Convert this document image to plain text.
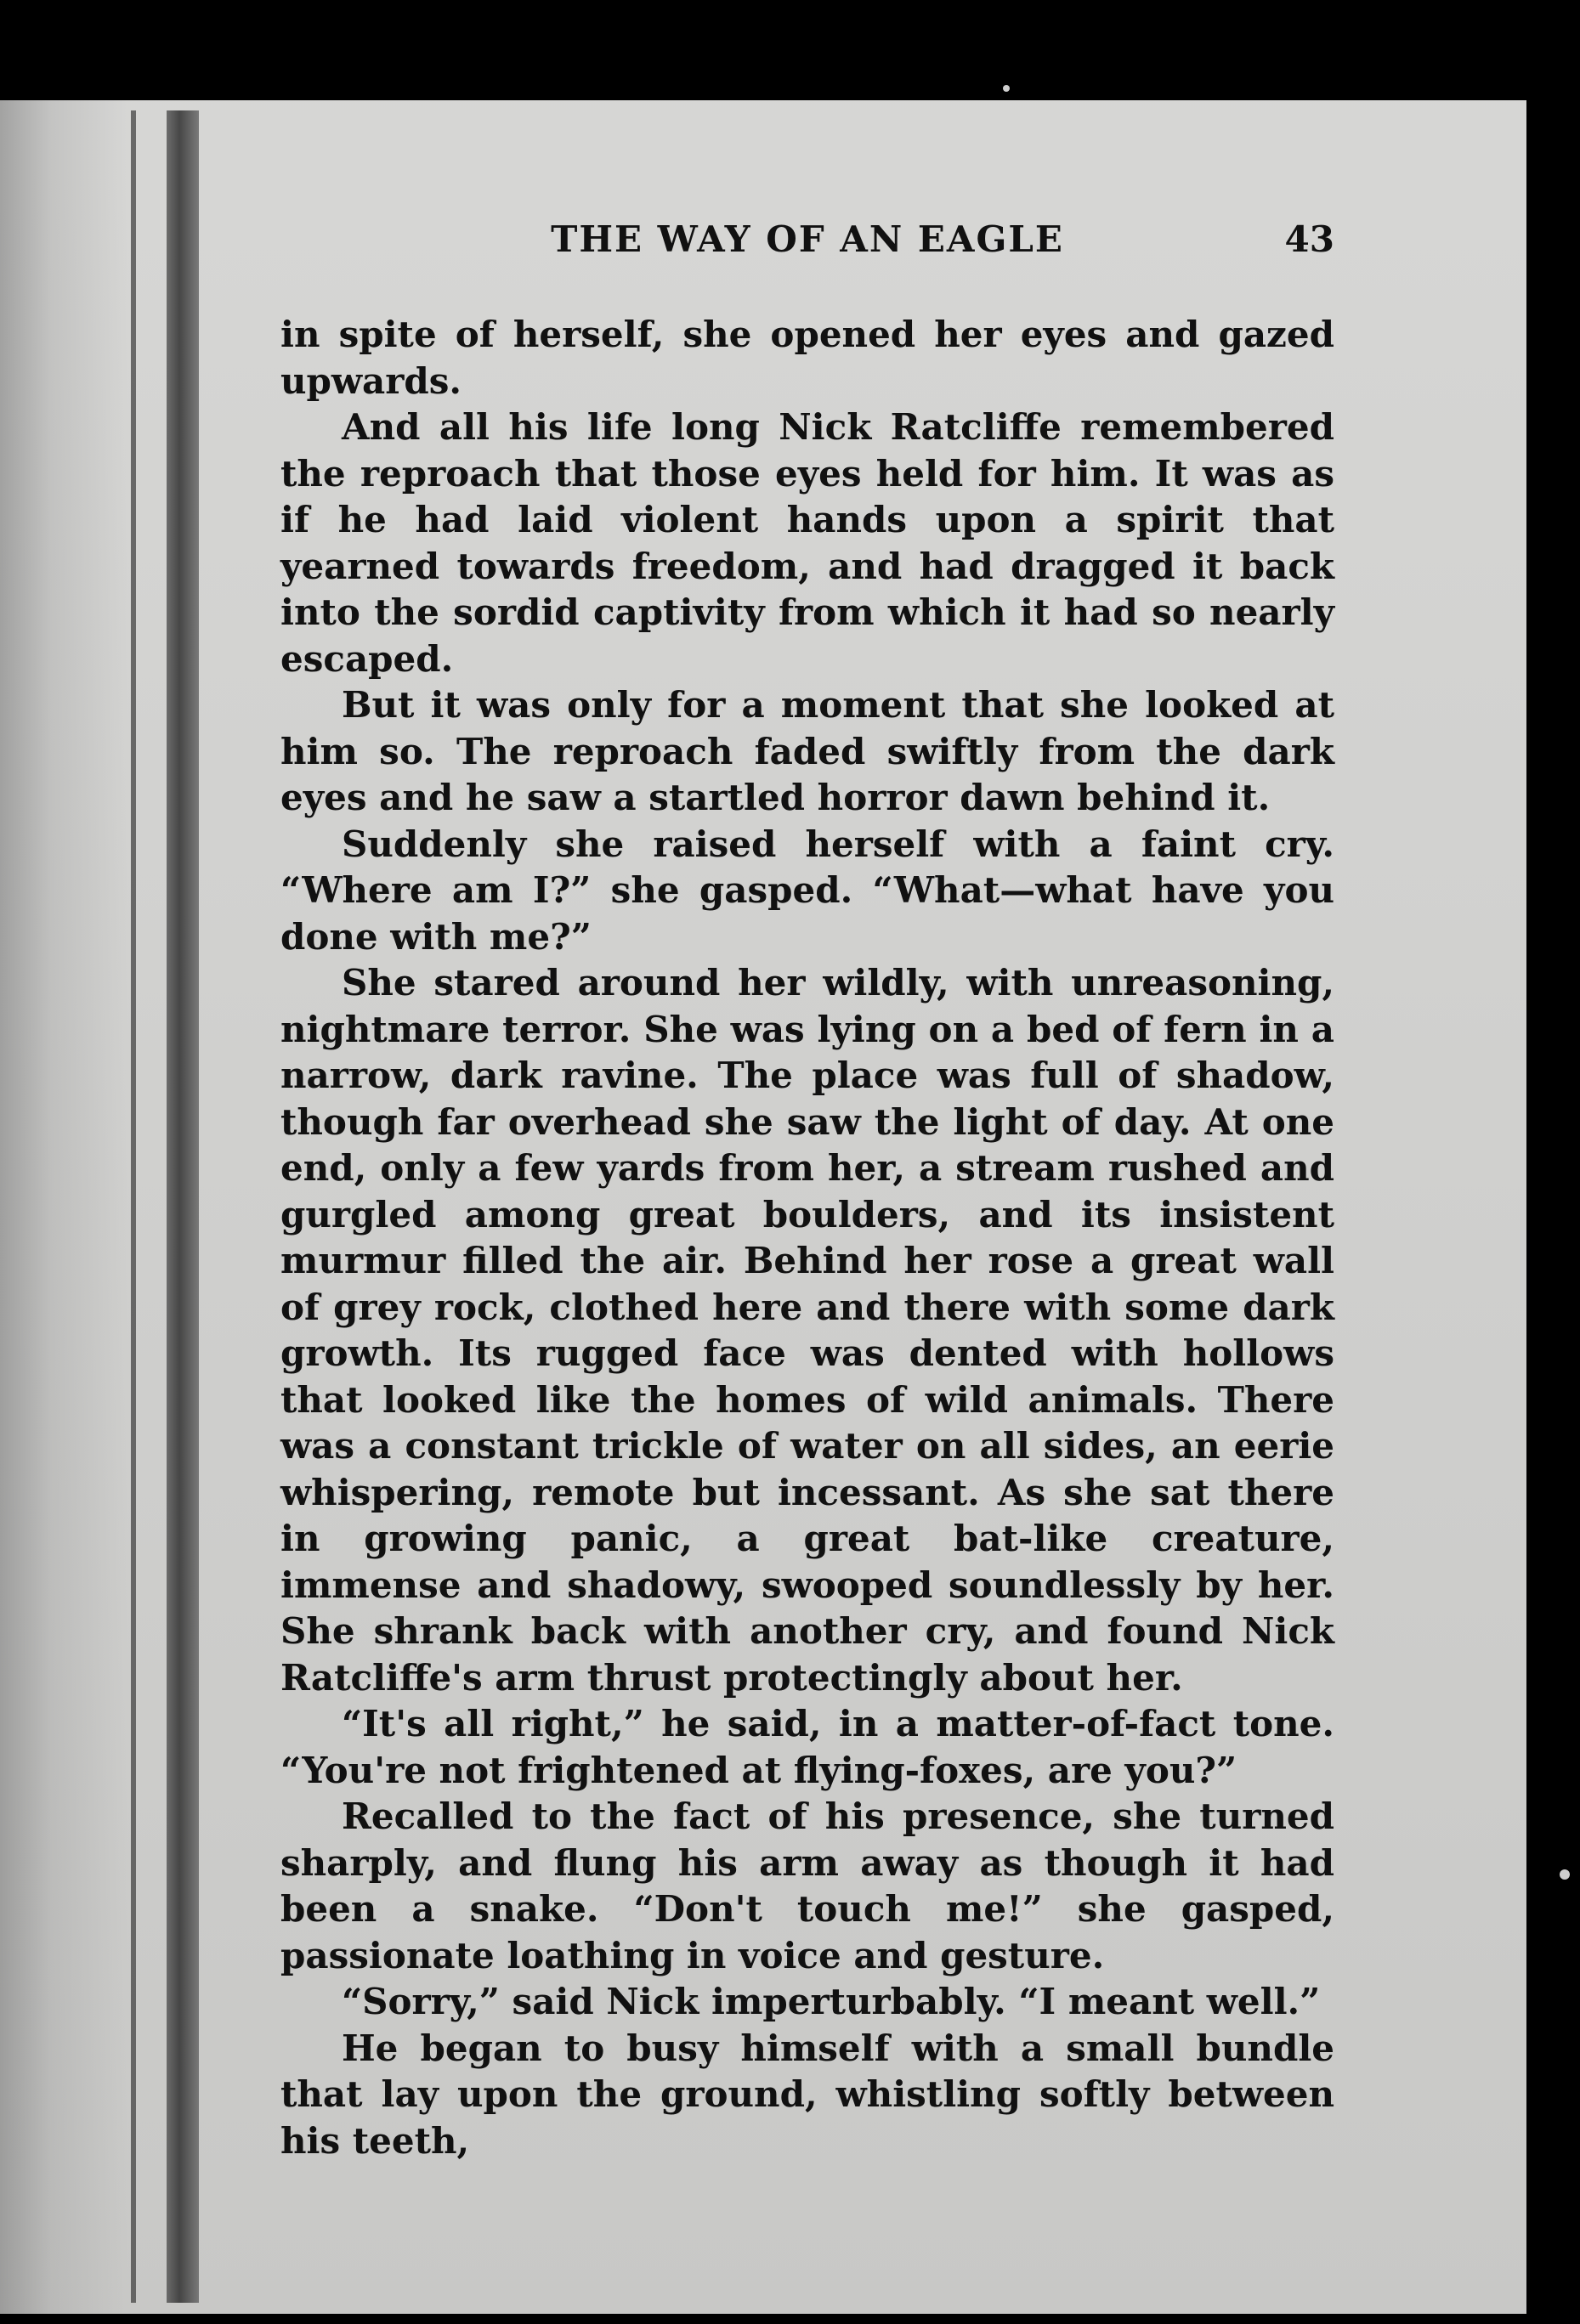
THE WAY OF AN EAGLE	43

in spite of herself, she opened her eyes and gazed upwards.

And all his life long Nick Ratcliffe remembered the reproach that those eyes held for him. It was as if he had laid violent hands upon a spirit that yearned towards freedom, and had dragged it back into the sordid captivity from which it had so nearly escaped.

But it was only for a moment that she looked at him so. The reproach faded swiftly from the dark eyes and he saw a startled horror dawn behind it.

Suddenly she raised herself with a faint cry. “Where am I?” she gasped. “What—what have you done with me?”

She stared around her wildly, with unreasoning, nightmare terror. She was lying on a bed of fern in a narrow, dark ravine. The place was full of shadow, though far overhead she saw the light of day. At one end, only a few yards from her, a stream rushed and gurgled among great boulders, and its insistent murmur filled the air. Behind her rose a great wall of grey rock, clothed here and there with some dark growth. Its rugged face was dented with hollows that looked like the homes of wild animals. There was a constant trickle of water on all sides, an eerie whispering, remote but incessant. As she sat there in growing panic, a great bat-like creature, immense and shadowy, swooped soundlessly by her. She shrank back with another cry, and found Nick Ratcliffe's arm thrust protectingly about her.

“It's all right,” he said, in a matter-of-fact tone. “You're not frightened at flying-foxes, are you?”

Recalled to the fact of his presence, she turned sharply, and flung his arm away as though it had been a snake. “Don't touch me!” she gasped, passionate loathing in voice and gesture.

“Sorry,” said Nick imperturbably. “I meant well.”

He began to busy himself with a small bundle that lay upon the ground, whistling softly between his teeth,
